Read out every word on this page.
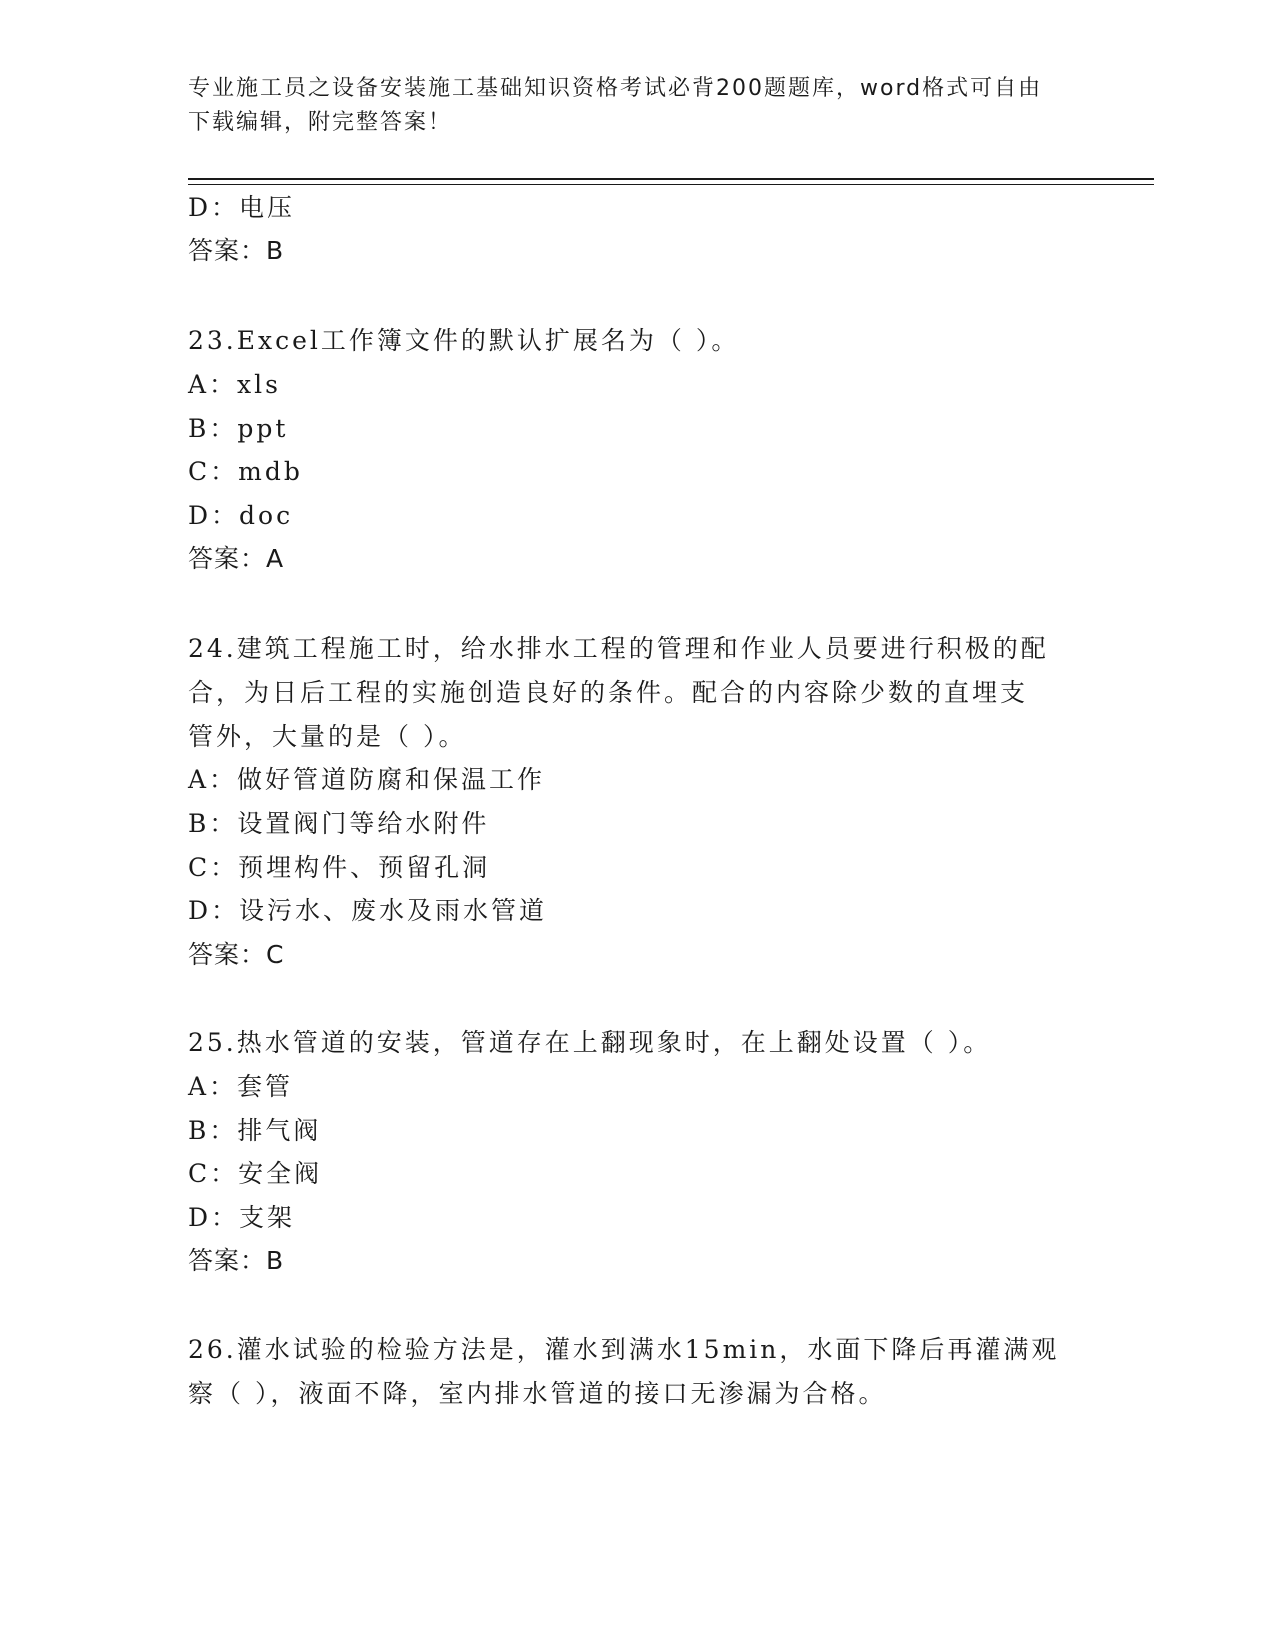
专业施工员之设备安装施工基础知识资格考试必背200题题库，word格式可自由
下载编辑，附完整答案！
D：电压
答案：B
23.Excel工作簿文件的默认扩展名为（ ）。
A：xls
B：ppt
C：mdb
D：doc
答案：A
24.建筑工程施工时，给水排水工程的管理和作业人员要进行积极的配
合，为日后工程的实施创造良好的条件。配合的内容除少数的直埋支
管外，大量的是（ ）。
A：做好管道防腐和保温工作
B：设置阀门等给水附件
C：预埋构件、预留孔洞
D：设污水、废水及雨水管道
答案：C
25.热水管道的安装，管道存在上翻现象时，在上翻处设置（ ）。
A：套管
B：排气阀
C：安全阀
D：支架
答案：B
26.灌水试验的检验方法是，灌水到满水15min，水面下降后再灌满观
察（ ），液面不降，室内排水管道的接口无渗漏为合格。
